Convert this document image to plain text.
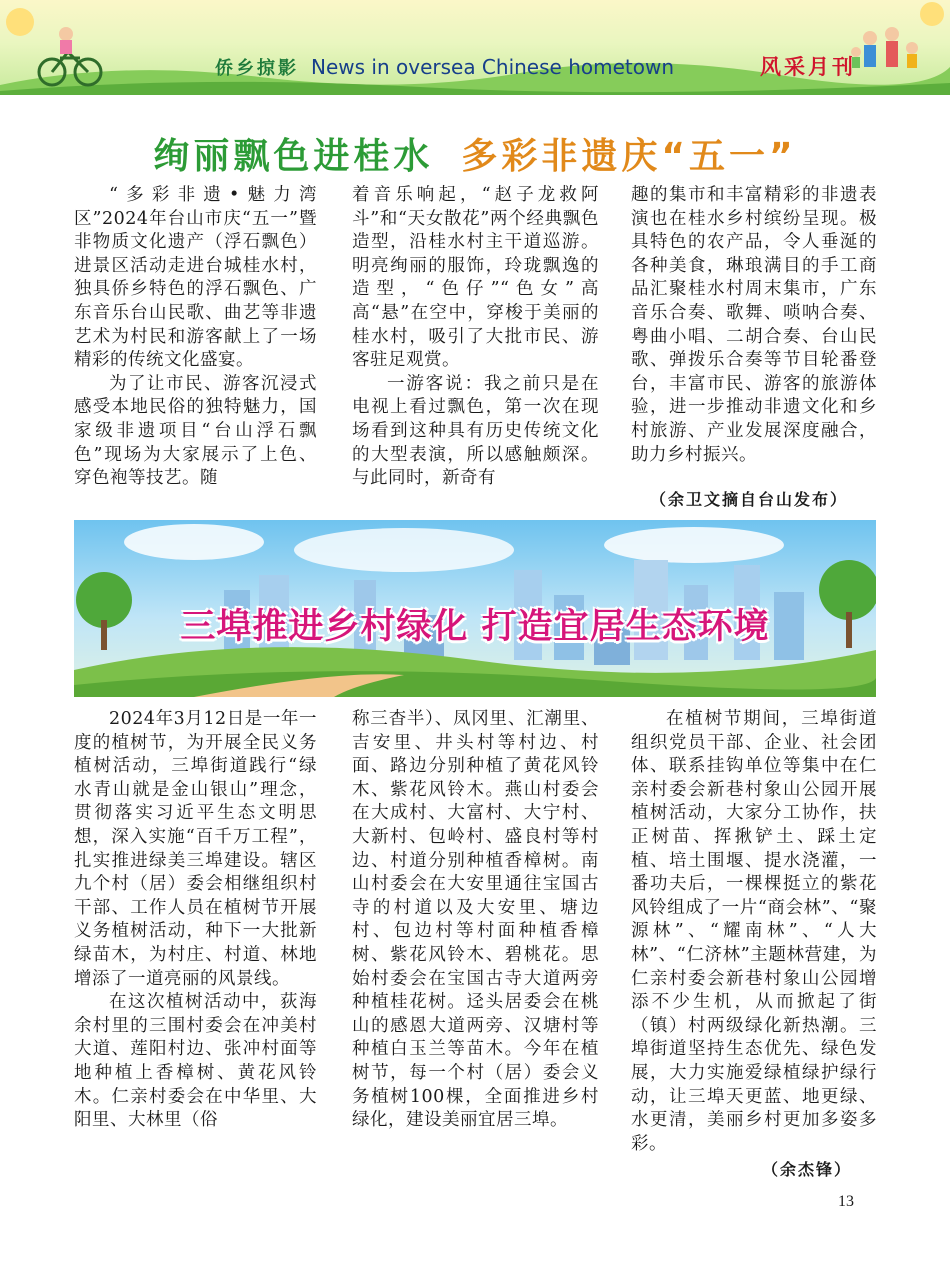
侨乡掠影 News in oversea Chinese hometown	风采月刊
绚丽飘色进桂水 多彩非遗庆“五一”

“多彩非遗•魅力湾区”2024年台山市庆“五一”暨非物质文化遗产（浮石飘色）进景区活动走进台城桂水村，独具侨乡特色的浮石飘色、广东音乐台山民歌、曲艺等非遗艺术为村民和游客献上了一场精彩的传统文化盛宴。

为了让市民、游客沉浸式感受本地民俗的独特魅力，国家级非遗项目“台山浮石飘色”现场为大家展示了上色、穿色袍等技艺。随

着音乐响起，“赵子龙救阿斗”和“天女散花”两个经典飘色造型，沿桂水村主干道巡游。明亮绚丽的服饰，玲珑飘逸的造型，“色仔”“色女”高高“悬”在空中，穿梭于美丽的桂水村，吸引了大批市民、游客驻足观赏。

一游客说：我之前只是在电视上看过飘色，第一次在现场看到这种具有历史传统文化的大型表演，所以感触颇深。与此同时，新奇有

趣的集市和丰富精彩的非遗表演也在桂水乡村缤纷呈现。极具特色的农产品，令人垂涎的各种美食，琳琅满目的手工商品汇聚桂水村周末集市，广东音乐合奏、歌舞、唢呐合奏、粤曲小唱、二胡合奏、台山民歌、弹拨乐合奏等节目轮番登台，丰富市民、游客的旅游体验，进一步推动非遗文化和乡村旅游、产业发展深度融合，助力乡村振兴。

（余卫文摘自台山发布）
三埠推进乡村绿化 打造宜居生态环境

2024年3月12日是一年一度的植树节，为开展全民义务植树活动，三埠街道践行“绿水青山就是金山银山”理念，贯彻落实习近平生态文明思想，深入实施“百千万工程”，扎实推进绿美三埠建设。辖区九个村（居）委会相继组织村干部、工作人员在植树节开展义务植树活动，种下一大批新绿苗木，为村庄、村道、林地增添了一道亮丽的风景线。

在这次植树活动中，荻海余村里的三围村委会在冲美村大道、莲阳村边、张冲村面等地种植上香樟树、黄花风铃木。仁亲村委会在中华里、大阳里、大林里（俗

称三杳半）、凤冈里、汇潮里、吉安里、井头村等村边、村面、路边分别种植了黄花风铃木、紫花风铃木。燕山村委会在大成村、大富村、大宁村、大新村、包岭村、盛良村等村边、村道分别种植香樟树。南山村委会在大安里通往宝国古寺的村道以及大安里、塘边村、包边村等村面种植香樟树、紫花风铃木、碧桃花。思始村委会在宝国古寺大道两旁种植桂花树。迳头居委会在桃山的感恩大道两旁、汉塘村等种植白玉兰等苗木。今年在植树节，每一个村（居）委会义务植树100棵，全面推进乡村绿化，建设美丽宜居三埠。

在植树节期间，三埠街道组织党员干部、企业、社会团体、联系挂钩单位等集中在仁亲村委会新巷村象山公园开展植树活动，大家分工协作，扶正树苗、挥揪铲土、踩土定植、培土围堰、提水浇灌，一番功夫后，一棵棵挺立的紫花风铃组成了一片“商会林”、“聚源林”、“耀南林”、“人大林”、“仁济林”主题林营建，为仁亲村委会新巷村象山公园增添不少生机，从而掀起了街（镇）村两级绿化新热潮。三埠街道坚持生态优先、绿色发展，大力实施爱绿植绿护绿行动，让三埠天更蓝、地更绿、水更清，美丽乡村更加多姿多彩。

（余杰锋）
13
